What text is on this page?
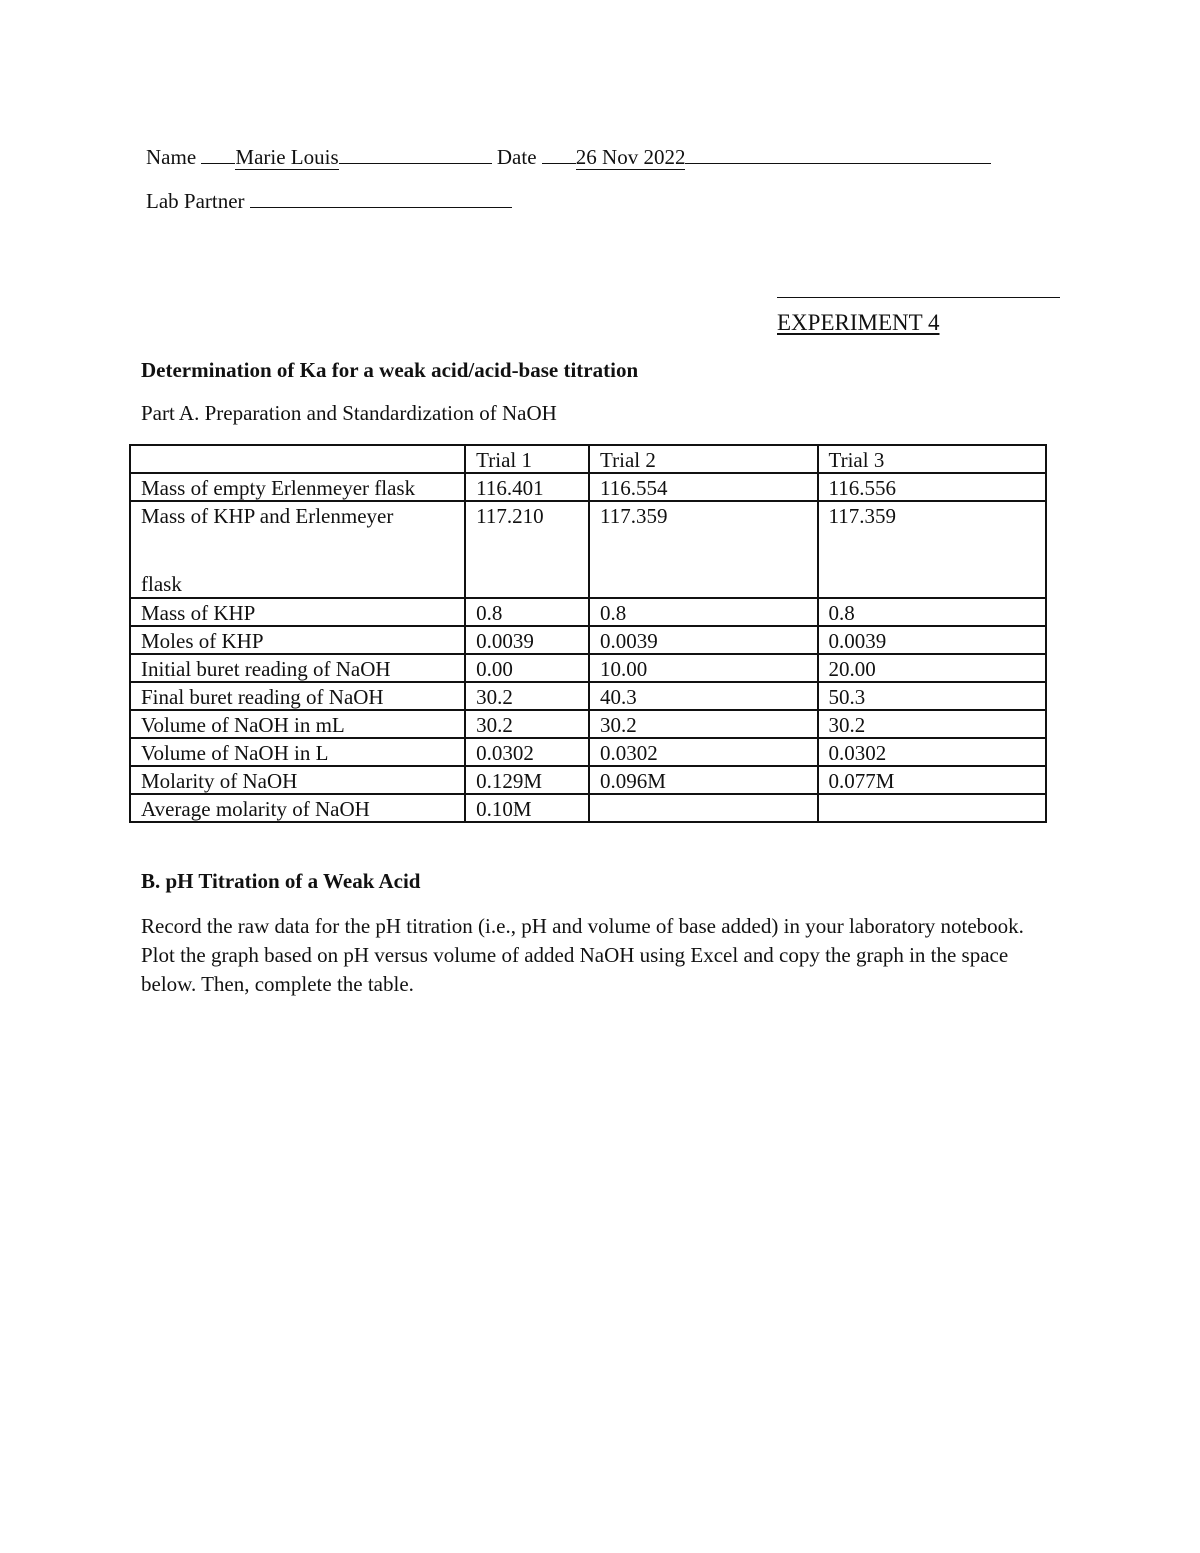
Name Marie Louis	Date 26 Nov 2022
Lab Partner
EXPERIMENT 4
Determination of Ka for a weak acid/acid-base titration
Part A. Preparation and Standardization of NaOH
	Trial 1	Trial 2	Trial 3
Mass of empty Erlenmeyer flask	116.401	116.554	116.556
Mass of KHP and Erlenmeyer
flask	117.210	117.359	117.359
Mass of KHP	0.8	0.8	0.8
Moles of KHP	0.0039	0.0039	0.0039
Initial buret reading of NaOH	0.00	10.00	20.00
Final buret reading of NaOH	30.2	40.3	50.3
Volume of NaOH in mL	30.2	30.2	30.2
Volume of NaOH in L	0.0302	0.0302	0.0302
Molarity of NaOH	0.129M	0.096M	0.077M
Average molarity of NaOH	0.10M		
B. pH Titration of a Weak Acid
Record the raw data for the pH titration (i.e., pH and volume of base added) in your laboratory notebook. Plot the graph based on pH versus volume of added NaOH using Excel and copy the graph in the space below. Then, complete the table.
